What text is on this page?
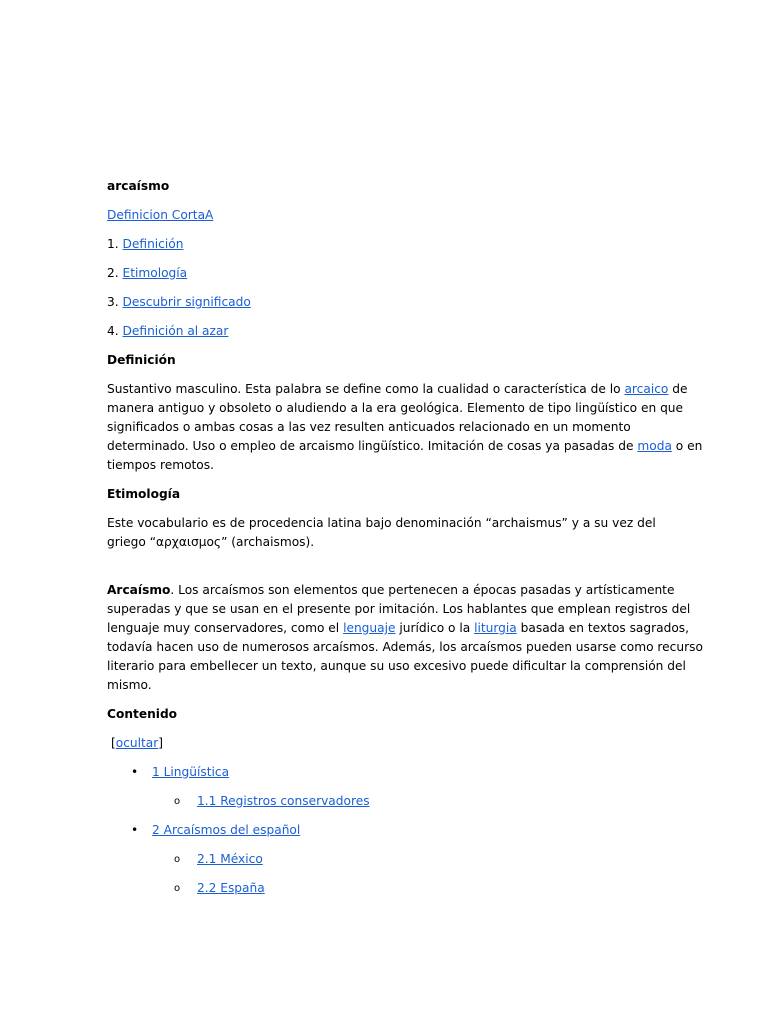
arcaísmo
Definicion CortaA
1. Definición
2. Etimología
3. Descubrir significado
4. Definición al azar
Definición
Sustantivo masculino. Esta palabra se define como la cualidad o característica de lo arcaico de
manera antiguo y obsoleto o aludiendo a la era geológica. Elemento de tipo lingüístico en que
significados o ambas cosas a las vez resulten anticuados relacionado en un momento
determinado. Uso o empleo de arcaismo lingüístico. Imitación de cosas ya pasadas de moda o en
tiempos remotos.
Etimología
Este vocabulario es de procedencia latina bajo denominación “archaismus” y a su vez del
griego “αρχαισμος” (archaismos).
Arcaísmo. Los arcaísmos son elementos que pertenecen a épocas pasadas y artísticamente
superadas y que se usan en el presente por imitación. Los hablantes que emplean registros del
lenguaje muy conservadores, como el lenguaje jurídico o la liturgia basada en textos sagrados,
todavía hacen uso de numerosos arcaísmos. Además, los arcaísmos pueden usarse como recurso
literario para embellecer un texto, aunque su uso excesivo puede dificultar la comprensión del
mismo.
Contenido
[ocultar]
• 1 Lingüística
o 1.1 Registros conservadores
• 2 Arcaísmos del español
o 2.1 México
o 2.2 España
